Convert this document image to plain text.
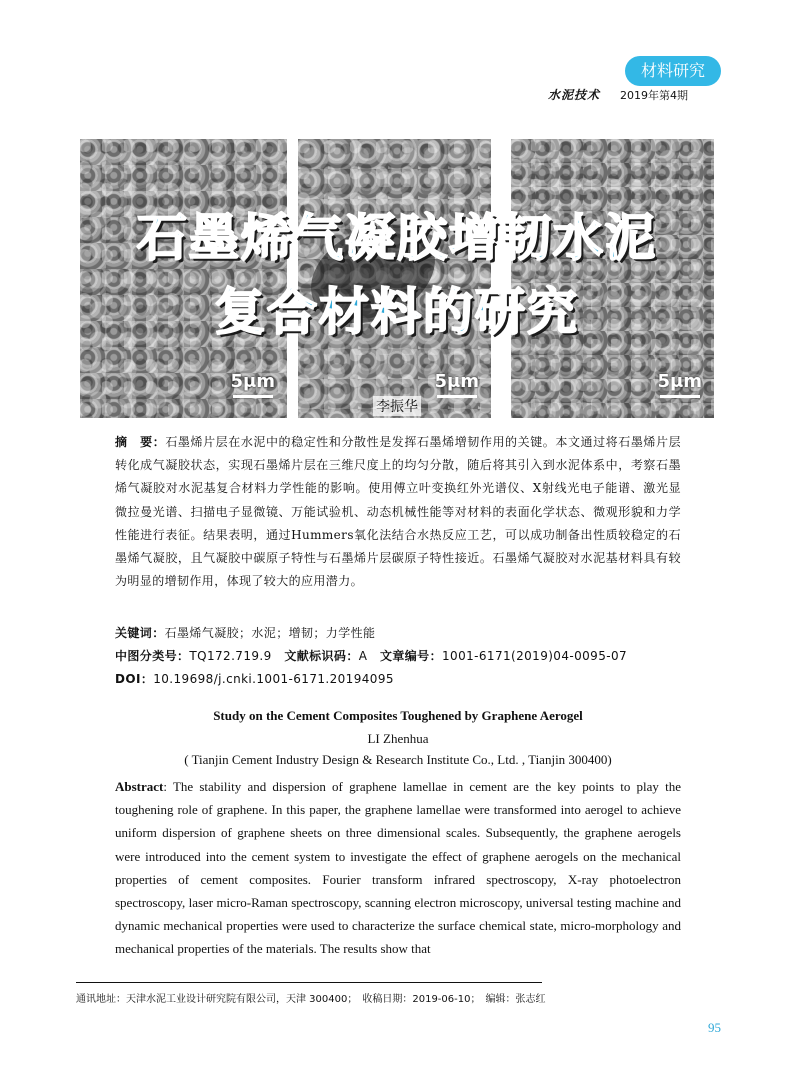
材料研究
水泥技术 2019年第4期
5μm	5μm	5μm
石墨烯气凝胶增韧水泥
复合材料的研究
李振华
摘　要：石墨烯片层在水泥中的稳定性和分散性是发挥石墨烯增韧作用的关键。本文通过将石墨烯片层转化成气凝胶状态，实现石墨烯片层在三维尺度上的均匀分散，随后将其引入到水泥体系中，考察石墨烯气凝胶对水泥基复合材料力学性能的影响。使用傅立叶变换红外光谱仪、X射线光电子能谱、激光显微拉曼光谱、扫描电子显微镜、万能试验机、动态机械性能等对材料的表面化学状态、微观形貌和力学性能进行表征。结果表明，通过Hummers氧化法结合水热反应工艺，可以成功制备出性质较稳定的石墨烯气凝胶，且气凝胶中碳原子特性与石墨烯片层碳原子特性接近。石墨烯气凝胶对水泥基材料具有较为明显的增韧作用，体现了较大的应用潜力。
关键词：石墨烯气凝胶；水泥；增韧；力学性能
中图分类号：TQ172.719.9 文献标识码：A 文章编号：1001-6171(2019)04-0095-07
DOI：10.19698/j.cnki.1001-6171.20194095
Study on the Cement Composites Toughened by Graphene Aerogel
LI Zhenhua
( Tianjin Cement Industry Design & Research Institute Co., Ltd. , Tianjin 300400)
Abstract: The stability and dispersion of graphene lamellae in cement are the key points to play the toughening role of graphene. In this paper, the graphene lamellae were transformed into aerogel to achieve uniform dispersion of graphene sheets on three dimensional scales. Subsequently, the graphene aerogels were introduced into the cement system to investigate the effect of graphene aerogels on the mechanical properties of cement composites. Fourier transform infrared spectroscopy, X-ray photoelectron spectroscopy, laser micro-Raman spectroscopy, scanning electron microscopy, universal testing machine and dynamic mechanical properties were used to characterize the surface chemical state, micro-morphology and mechanical properties of the materials. The results show that
通讯地址：天津水泥工业设计研究院有限公司，天津 300400；　收稿日期：2019-06-10；　编辑：张志红
95
